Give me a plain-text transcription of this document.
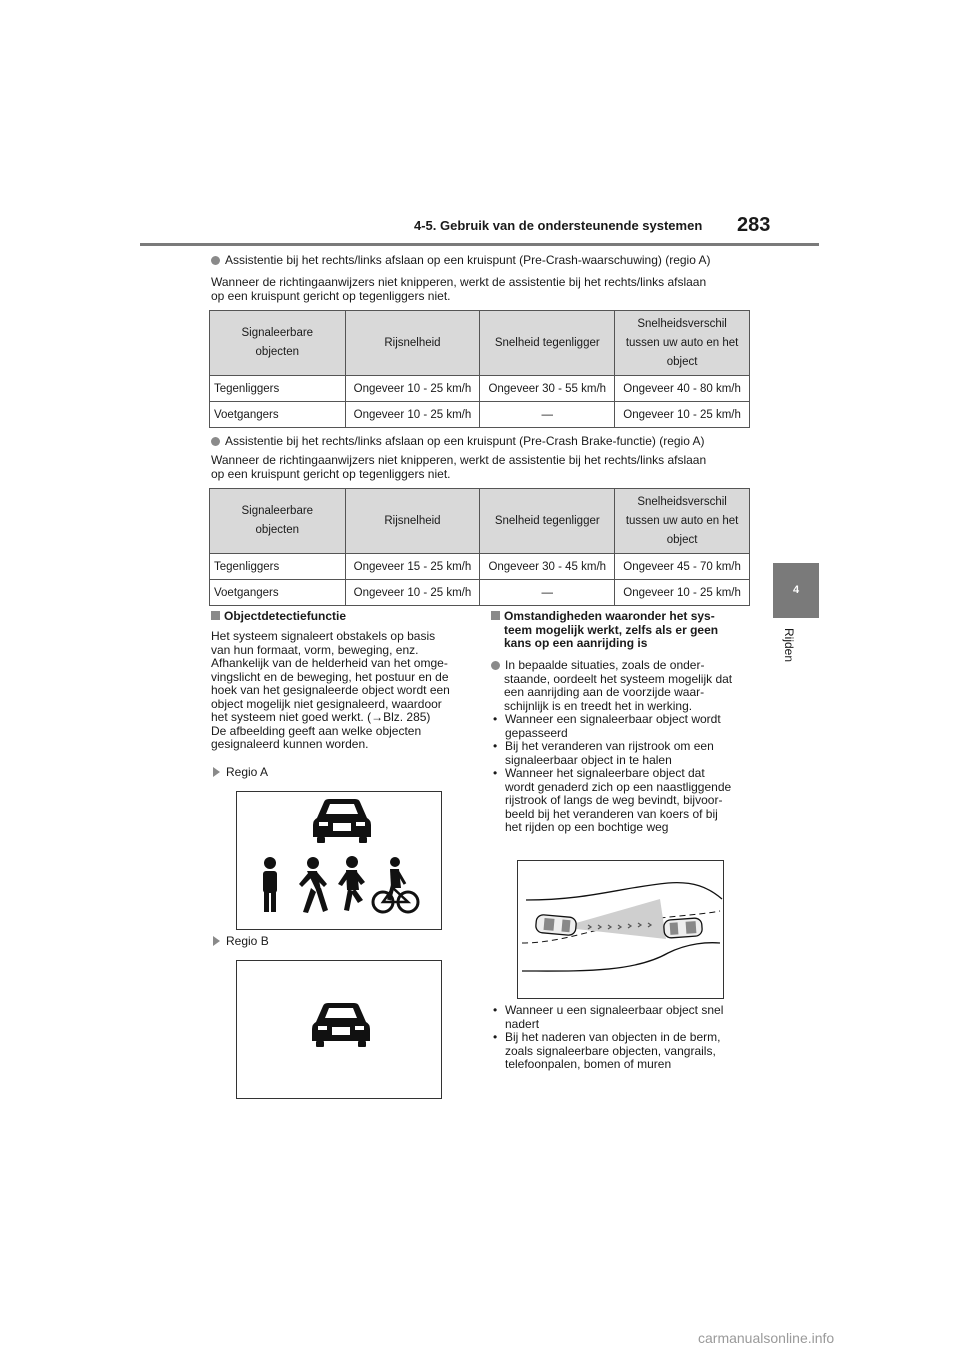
4-5. Gebruik van de ondersteunende systemen 283
4
Rijden
Assistentie bij het rechts/links afslaan op een kruispunt (Pre-Crash-waarschuwing) (regio A)
Wanneer de richtingaanwijzers niet knipperen, werkt de assistentie bij het rechts/links afslaan
op een kruispunt gericht op tegenliggers niet.
Signaleerbare objecten	Rijsnelheid	Snelheid tegenligger	Snelheidsverschil tussen uw auto en het object
Tegenliggers	Ongeveer 10 - 25 km/h	Ongeveer 30 - 55 km/h	Ongeveer 40 - 80 km/h
Voetgangers	Ongeveer 10 - 25 km/h	—	Ongeveer 10 - 25 km/h
Assistentie bij het rechts/links afslaan op een kruispunt (Pre-Crash Brake-functie) (regio A)
Wanneer de richtingaanwijzers niet knipperen, werkt de assistentie bij het rechts/links afslaan
op een kruispunt gericht op tegenliggers niet.
Signaleerbare objecten	Rijsnelheid	Snelheid tegenligger	Snelheidsverschil tussen uw auto en het object
Tegenliggers	Ongeveer 15 - 25 km/h	Ongeveer 30 - 45 km/h	Ongeveer 45 - 70 km/h
Voetgangers	Ongeveer 10 - 25 km/h	—	Ongeveer 10 - 25 km/h
Objectdetectiefunctie
Het systeem signaleert obstakels op basis
van hun formaat, vorm, beweging, enz.
Afhankelijk van de helderheid van het omge-
vingslicht en de beweging, het postuur en de
hoek van het gesignaleerde object wordt een
object mogelijk niet gesignaleerd, waardoor
het systeem niet goed werkt. (→Blz. 285)
De afbeelding geeft aan welke objecten
gesignaleerd kunnen worden.
Regio A
Regio B
Omstandigheden waaronder het sys-
teem mogelijk werkt, zelfs als er geen
kans op een aanrijding is
In bepaalde situaties, zoals de onder-
staande, oordeelt het systeem mogelijk dat
een aanrijding aan de voorzijde waar-
schijnlijk is en treedt het in werking.
• Wanneer een signaleerbaar object wordt
gepasseerd
• Bij het veranderen van rijstrook om een
signaleerbaar object in te halen
• Wanneer het signaleerbare object dat
wordt genaderd zich op een naastliggende
rijstrook of langs de weg bevindt, bijvoor-
beeld bij het veranderen van koers of bij
het rijden op een bochtige weg
• Wanneer u een signaleerbaar object snel
nadert
• Bij het naderen van objecten in de berm,
zoals signaleerbare objecten, vangrails,
telefoonpalen, bomen of muren
carmanualsonline.info
